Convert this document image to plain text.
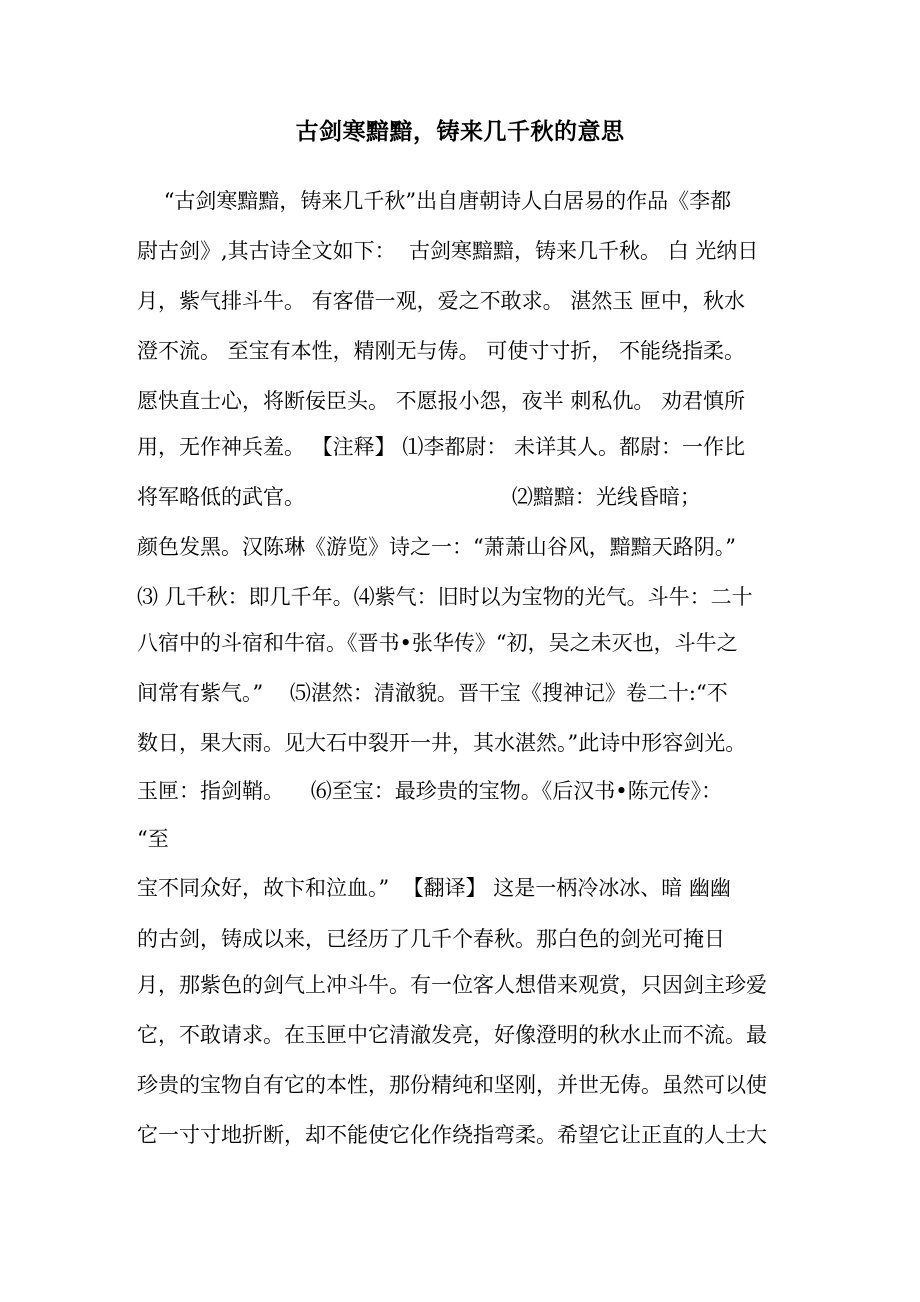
古剑寒黯黯，铸来几千秋的意思
“古剑寒黯黯，铸来几千秋”出自唐朝诗人白居易的作品《李都
尉古剑》,其古诗全文如下：  古剑寒黯黯，铸来几千秋。 白 光纳日
月，紫气排斗牛。 有客借一观，爱之不敢求。 湛然玉 匣中，秋水
澄不流。 至宝有本性，精刚无与俦。 可使寸寸折， 不能绕指柔。
愿快直士心，将断佞臣头。 不愿报小怨，夜半 刺私仇。 劝君慎所
用，无作神兵羞。 【注释】 ⑴李都尉： 未详其人。都尉：一作比
将军略低的武官。                               ⑵黯黯：光线昏暗；
颜色发黑。汉陈琳《游览》诗之一：“萧萧山谷风，黯黯天路阴。”
⑶ 几千秋：即几千年。⑷紫气：旧时以为宝物的光气。斗牛：二十
八宿中的斗宿和牛宿。《晋书•张华传》“初，吴之未灭也，斗牛之
间常有紫气。”    ⑸湛然：清澈貌。晋干宝《搜神记》卷二十:“不
数日，果大雨。见大石中裂开一井，其水湛然。”此诗中形容剑光。
玉匣：指剑鞘。    ⑹至宝：最珍贵的宝物。《后汉书•陈元传》：
“至
宝不同众好，故卞和泣血。”  【翻译】 这是一柄冷冰冰、暗 幽幽
的古剑，铸成以来，已经历了几千个春秋。那白色的剑光可掩日
月，那紫色的剑气上冲斗牛。有一位客人想借来观赏，只因剑主珍爱
它，不敢请求。在玉匣中它清澈发亮，好像澄明的秋水止而不流。最
珍贵的宝物自有它的本性，那份精纯和坚刚，并世无俦。虽然可以使
它一寸寸地折断，却不能使它化作绕指弯柔。希望它让正直的人士大
